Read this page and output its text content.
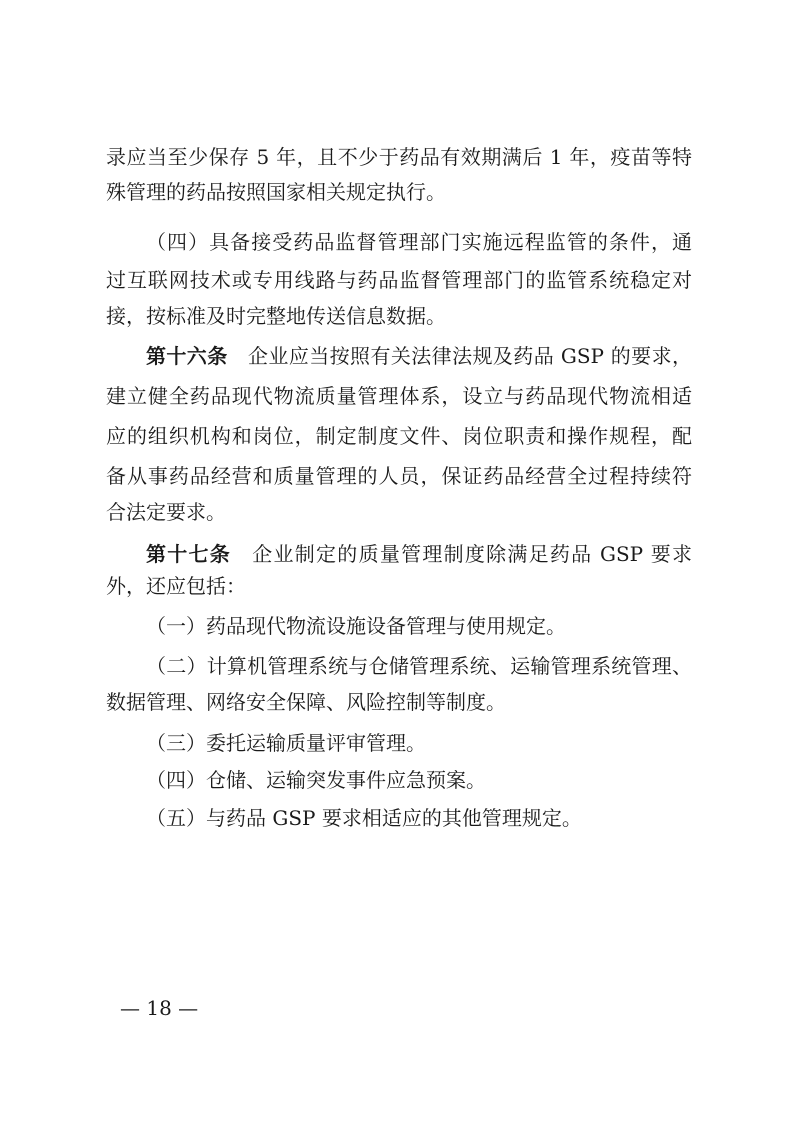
录应当至少保存 5 年，且不少于药品有效期满后 1 年，疫苗等特
殊管理的药品按照国家相关规定执行。
（四）具备接受药品监督管理部门实施远程监管的条件，通
过互联网技术或专用线路与药品监督管理部门的监管系统稳定对
接，按标准及时完整地传送信息数据。
第十六条 企业应当按照有关法律法规及药品 GSP 的要求，
建立健全药品现代物流质量管理体系，设立与药品现代物流相适
应的组织机构和岗位，制定制度文件、岗位职责和操作规程，配
备从事药品经营和质量管理的人员，保证药品经营全过程持续符
合法定要求。
第十七条 企业制定的质量管理制度除满足药品 GSP 要求
外，还应包括：
（一）药品现代物流设施设备管理与使用规定。
（二）计算机管理系统与仓储管理系统、运输管理系统管理、
数据管理、网络安全保障、风险控制等制度。
（三）委托运输质量评审管理。
（四）仓储、运输突发事件应急预案。
（五）与药品 GSP 要求相适应的其他管理规定。
— 18 —
